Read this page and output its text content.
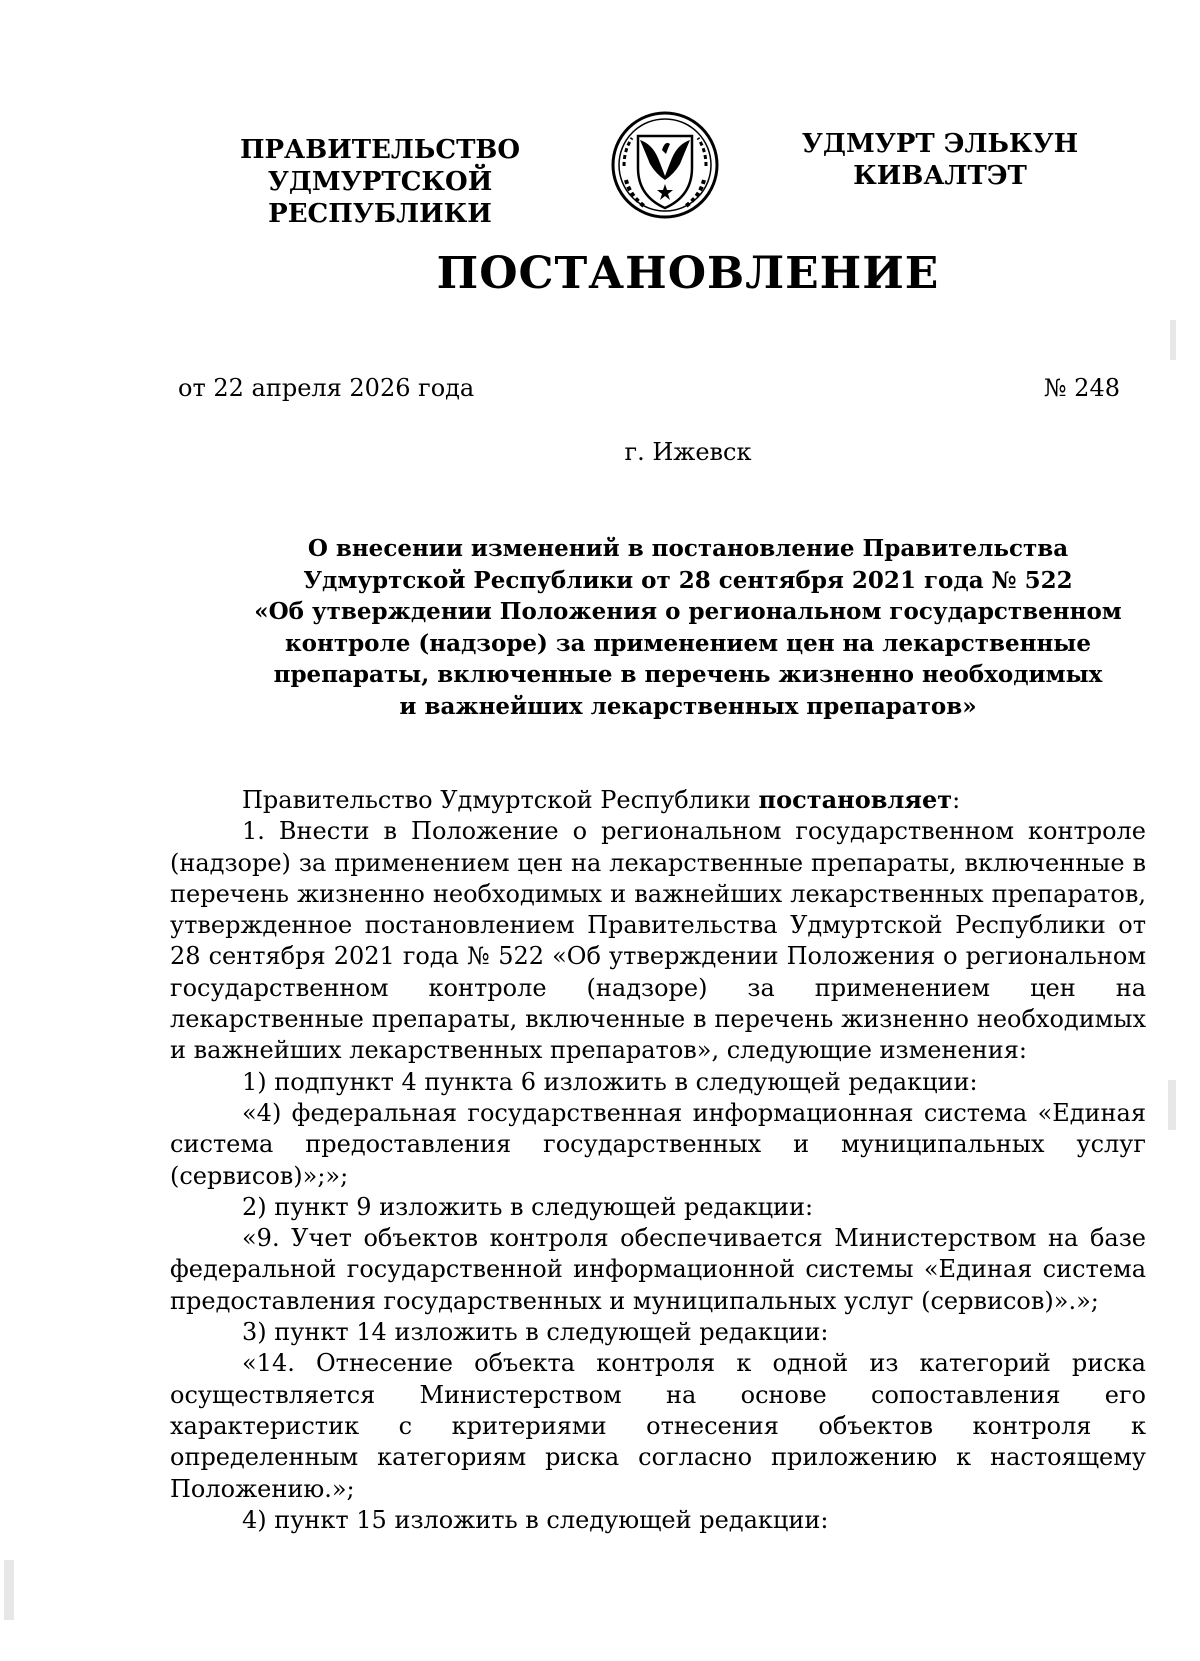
ПРАВИТЕЛЬСТВО
УДМУРТСКОЙ РЕСПУБЛИКИ
УДМУРТ ЭЛЬКУН
КИВАЛТЭТ
ПОСТАНОВЛЕНИЕ
от 22 апреля 2026 года	№ 248
г. Ижевск
О внесении изменений в постановление Правительства
Удмуртской Республики от 28 сентября 2021 года № 522
«Об утверждении Положения о региональном государственном
контроле (надзоре) за применением цен на лекарственные
препараты, включенные в перечень жизненно необходимых
и важнейших лекарственных препаратов»

Правительство Удмуртской Республики постановляет:

1. Внести в Положение о региональном государственном контроле (надзоре) за применением цен на лекарственные препараты, включенные в перечень жизненно необходимых и важнейших лекарственных препаратов, утвержденное постановлением Правительства Удмуртской Республики от 28 сентября 2021 года № 522 «Об утверждении Положения о региональном государственном контроле (надзоре) за применением цен на лекарственные препараты, включенные в перечень жизненно необходимых и важнейших лекарственных препаратов», следующие изменения:

1) подпункт 4 пункта 6 изложить в следующей редакции:

«4) федеральная государственная информационная система «Единая система предоставления государственных и муниципальных услуг (сервисов)»;»;

2) пункт 9 изложить в следующей редакции:

«9. Учет объектов контроля обеспечивается Министерством на базе федеральной государственной информационной системы «Единая система предоставления государственных и муниципальных услуг (сервисов)».»;

3) пункт 14 изложить в следующей редакции:

«14. Отнесение объекта контроля к одной из категорий риска осуществляется Министерством на основе сопоставления его характеристик с критериями отнесения объектов контроля к определенным категориям риска согласно приложению к настоящему Положению.»;

4) пункт 15 изложить в следующей редакции:
